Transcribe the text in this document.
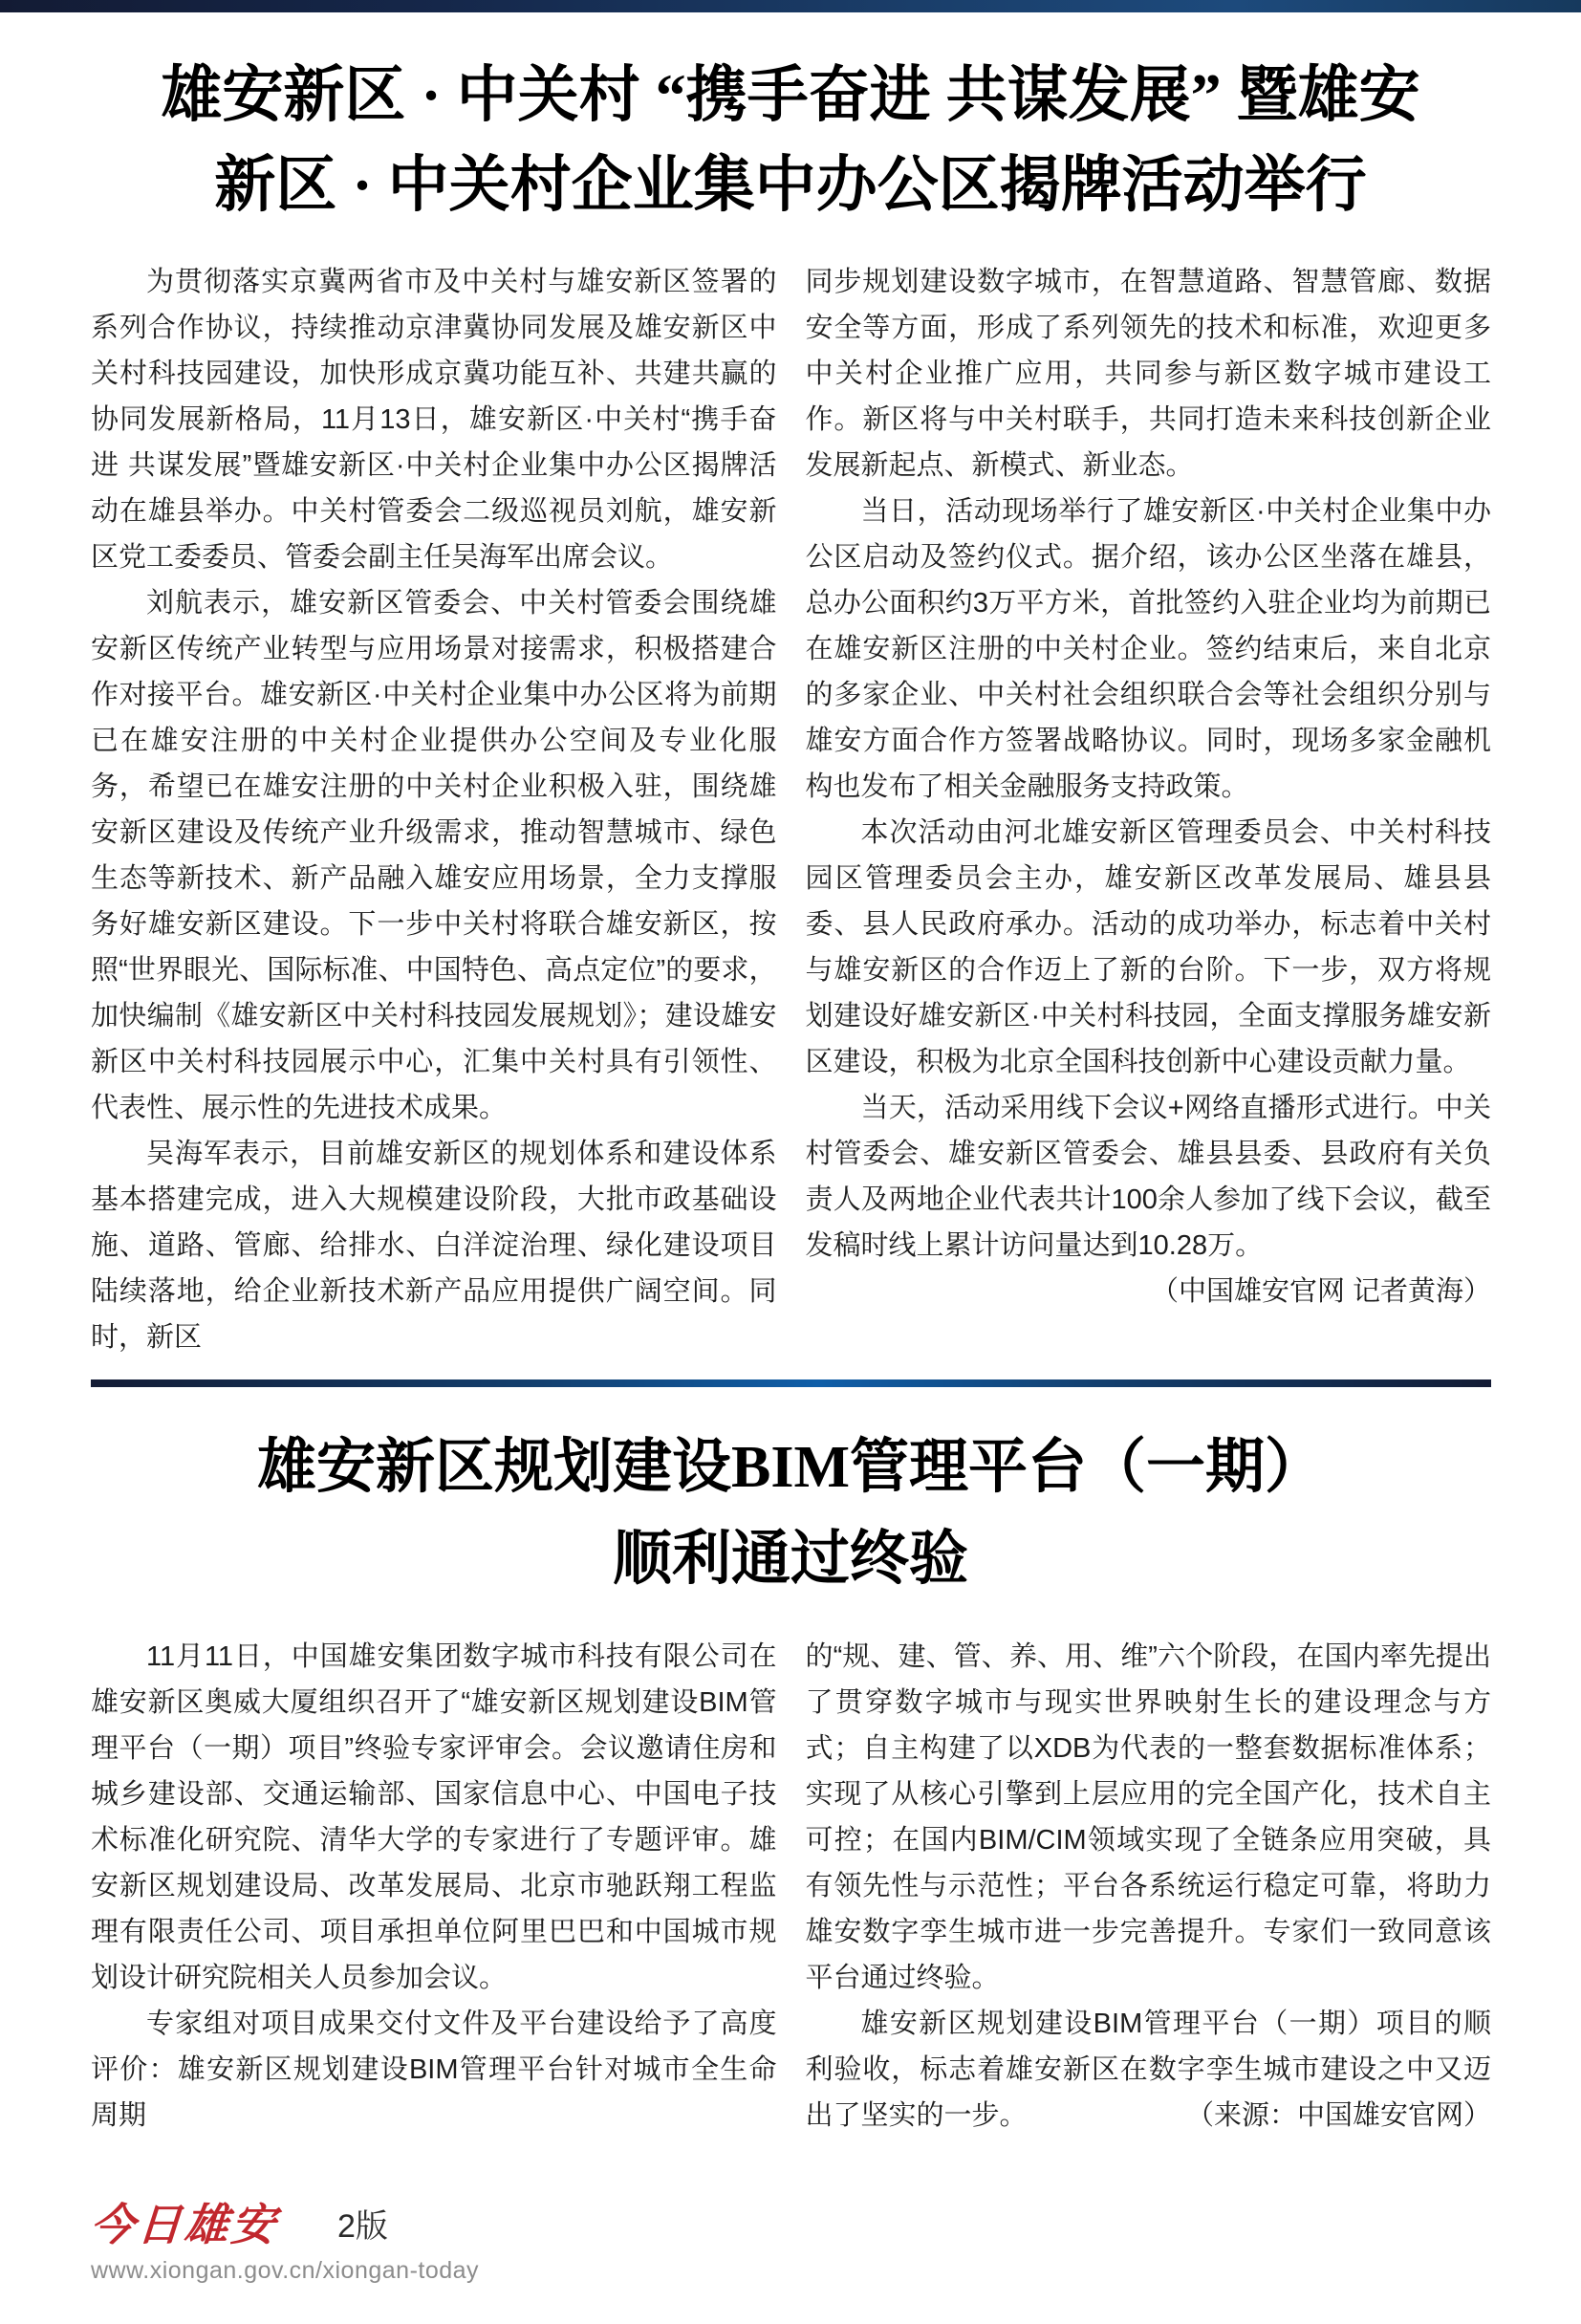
雄安新区 · 中关村 “携手奋进 共谋发展” 暨雄安
新区 · 中关村企业集中办公区揭牌活动举行

为贯彻落实京冀两省市及中关村与雄安新区签署的系列合作协议，持续推动京津冀协同发展及雄安新区中关村科技园建设，加快形成京冀功能互补、共建共赢的协同发展新格局，11月13日，雄安新区·中关村“携手奋进 共谋发展”暨雄安新区·中关村企业集中办公区揭牌活动在雄县举办。中关村管委会二级巡视员刘航，雄安新区党工委委员、管委会副主任吴海军出席会议。

刘航表示，雄安新区管委会、中关村管委会围绕雄安新区传统产业转型与应用场景对接需求，积极搭建合作对接平台。雄安新区·中关村企业集中办公区将为前期已在雄安注册的中关村企业提供办公空间及专业化服务，希望已在雄安注册的中关村企业积极入驻，围绕雄安新区建设及传统产业升级需求，推动智慧城市、绿色生态等新技术、新产品融入雄安应用场景，全力支撑服务好雄安新区建设。下一步中关村将联合雄安新区，按照“世界眼光、国际标准、中国特色、高点定位”的要求，加快编制《雄安新区中关村科技园发展规划》；建设雄安新区中关村科技园展示中心，汇集中关村具有引领性、代表性、展示性的先进技术成果。

吴海军表示，目前雄安新区的规划体系和建设体系基本搭建完成，进入大规模建设阶段，大批市政基础设施、道路、管廊、给排水、白洋淀治理、绿化建设项目陆续落地，给企业新技术新产品应用提供广阔空间。同时，新区

同步规划建设数字城市，在智慧道路、智慧管廊、数据安全等方面，形成了系列领先的技术和标准，欢迎更多中关村企业推广应用，共同参与新区数字城市建设工作。新区将与中关村联手，共同打造未来科技创新企业发展新起点、新模式、新业态。

当日，活动现场举行了雄安新区·中关村企业集中办公区启动及签约仪式。据介绍，该办公区坐落在雄县，总办公面积约3万平方米，首批签约入驻企业均为前期已在雄安新区注册的中关村企业。签约结束后，来自北京的多家企业、中关村社会组织联合会等社会组织分别与雄安方面合作方签署战略协议。同时，现场多家金融机构也发布了相关金融服务支持政策。

本次活动由河北雄安新区管理委员会、中关村科技园区管理委员会主办，雄安新区改革发展局、雄县县委、县人民政府承办。活动的成功举办，标志着中关村与雄安新区的合作迈上了新的台阶。下一步，双方将规划建设好雄安新区·中关村科技园，全面支撑服务雄安新区建设，积极为北京全国科技创新中心建设贡献力量。

当天，活动采用线下会议+网络直播形式进行。中关村管委会、雄安新区管委会、雄县县委、县政府有关负责人及两地企业代表共计100余人参加了线下会议，截至发稿时线上累计访问量达到10.28万。

（中国雄安官网 记者黄海）

雄安新区规划建设BIM管理平台（一期）
顺利通过终验

11月11日，中国雄安集团数字城市科技有限公司在雄安新区奥威大厦组织召开了“雄安新区规划建设BIM管理平台（一期）项目”终验专家评审会。会议邀请住房和城乡建设部、交通运输部、国家信息中心、中国电子技术标准化研究院、清华大学的专家进行了专题评审。雄安新区规划建设局、改革发展局、北京市驰跃翔工程监理有限责任公司、项目承担单位阿里巴巴和中国城市规划设计研究院相关人员参加会议。

专家组对项目成果交付文件及平台建设给予了高度评价：雄安新区规划建设BIM管理平台针对城市全生命周期

的“规、建、管、养、用、维”六个阶段，在国内率先提出了贯穿数字城市与现实世界映射生长的建设理念与方式；自主构建了以XDB为代表的一整套数据标准体系；实现了从核心引擎到上层应用的完全国产化，技术自主可控；在国内BIM/CIM领域实现了全链条应用突破，具有领先性与示范性；平台各系统运行稳定可靠，将助力雄安数字孪生城市进一步完善提升。专家们一致同意该平台通过终验。

雄安新区规划建设BIM管理平台（一期）项目的顺利验收，标志着雄安新区在数字孪生城市建设之中又迈出了坚实的一步。	（来源：中国雄安官网）

今日雄安
www.xiongan.gov.cn/xiongan-today
2版
